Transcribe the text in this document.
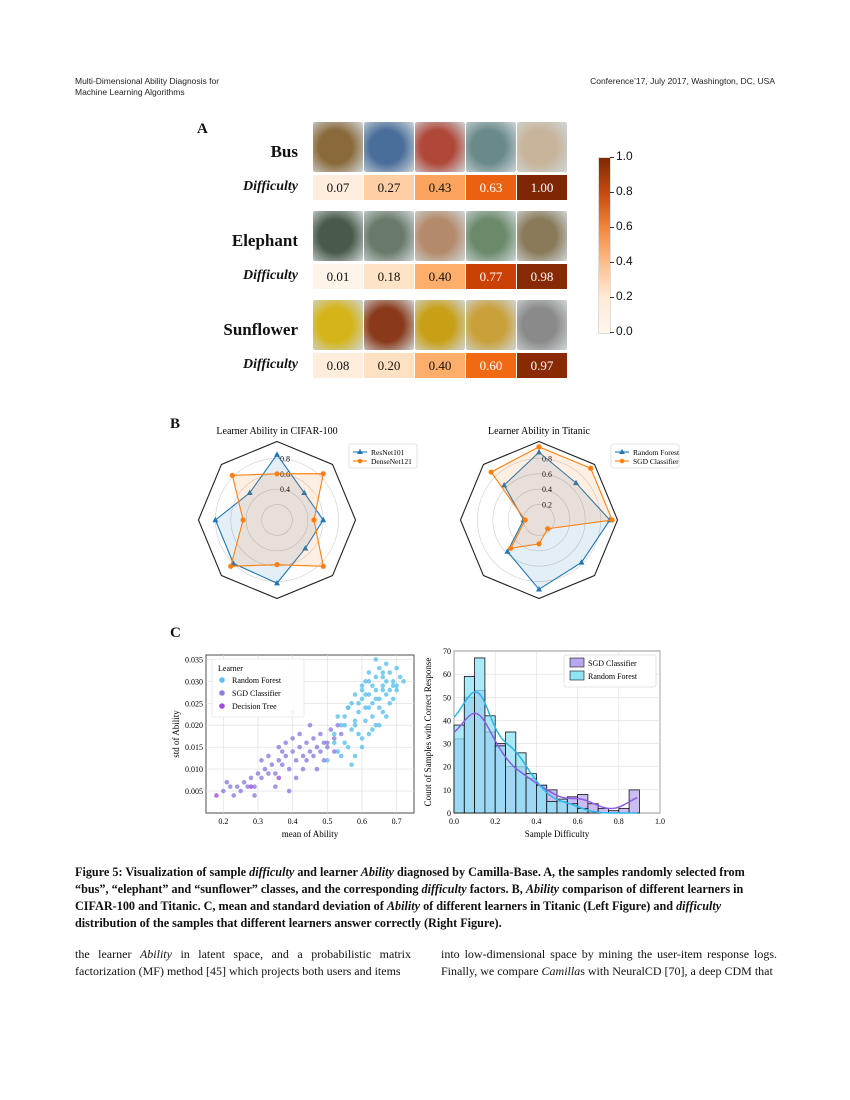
Multi-Dimensional Ability Diagnosis for
Machine Learning Algorithms
Conference’17, July 2017, Washington, DC, USA
A
Bus
Difficulty	0.07	0.27	0.43	0.63	1.00
Elephant
Difficulty	0.01	0.18	0.40	0.77	0.98
Sunflower
Difficulty	0.08	0.20	0.40	0.60	0.97
1.0
0.8
0.6
0.4
0.2
0.0
B	Learner Ability in CIFAR-100
0.8
0.6
0.4
ResNet101
DenseNet121
Learner Ability in Titanic
0.8
0.6
0.4
0.2
Random Forest
SGD Classifier
C
0.2	0.3	0.4	0.5	0.6	0.7
0.005
0.010
0.015
0.020
0.025
0.030
0.035
mean of Ability
std of Ability
Learner
Random Forest
SGD Classifier
Decision Tree
0.0	0.2	0.4	0.6	0.8	1.0
0
10
20
30
40
50
60
70
Sample Difficulty
Count of Samples with Correct Response	SGD Classifier
Random Forest
Figure 5: Visualization of sample difficulty and learner Ability diagnosed by Camilla-Base. A, the samples randomly selected from “bus”, “elephant” and “sunflower” classes, and the corresponding difficulty factors. B, Ability comparison of different learners in CIFAR-100 and Titanic. C, mean and standard deviation of Ability of different learners in Titanic (Left Figure) and difficulty distribution of the samples that different learners answer correctly (Right Figure).
the learner Ability in latent space, and a probabilistic matrix factorization (MF) method [45] which projects both users and items
into low-dimensional space by mining the user-item response logs. Finally, we compare Camillas with NeuralCD [70], a deep CDM that
